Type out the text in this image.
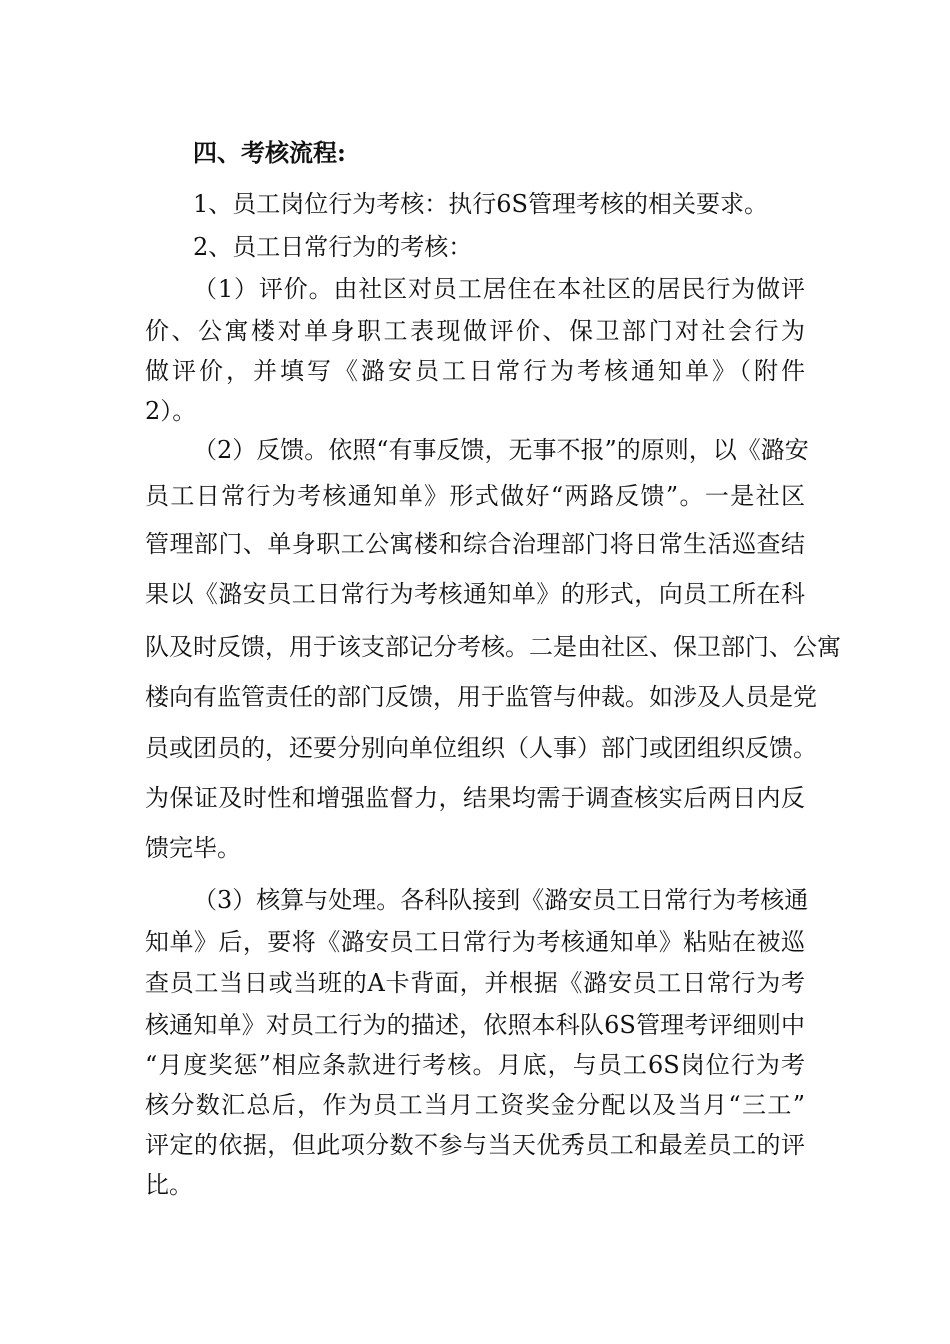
四、考核流程:
1、员工岗位行为考核：执行6S管理考核的相关要求。
2、员工日常行为的考核：
（1）评价。由社区对员工居住在本社区的居民行为做评
价、公寓楼对单身职工表现做评价、保卫部门对社会行为
做评价，并填写《潞安员工日常行为考核通知单》（附件
2）。
（2）反馈。依照“有事反馈，无事不报”的原则，以《潞安
员工日常行为考核通知单》形式做好“两路反馈”。一是社区
管理部门、单身职工公寓楼和综合治理部门将日常生活巡查结
果以《潞安员工日常行为考核通知单》的形式，向员工所在科
队及时反馈，用于该支部记分考核。二是由社区、保卫部门、公寓
楼向有监管责任的部门反馈，用于监管与仲裁。如涉及人员是党
员或团员的，还要分别向单位组织（人事）部门或团组织反馈。
为保证及时性和增强监督力，结果均需于调查核实后两日内反
馈完毕。
（3）核算与处理。各科队接到《潞安员工日常行为考核通
知单》后，要将《潞安员工日常行为考核通知单》粘贴在被巡
查员工当日或当班的A卡背面，并根据《潞安员工日常行为考
核通知单》对员工行为的描述，依照本科队6S管理考评细则中
“月度奖惩”相应条款进行考核。月底，与员工6S岗位行为考
核分数汇总后，作为员工当月工资奖金分配以及当月“三工”
评定的依据，但此项分数不参与当天优秀员工和最差员工的评
比。
